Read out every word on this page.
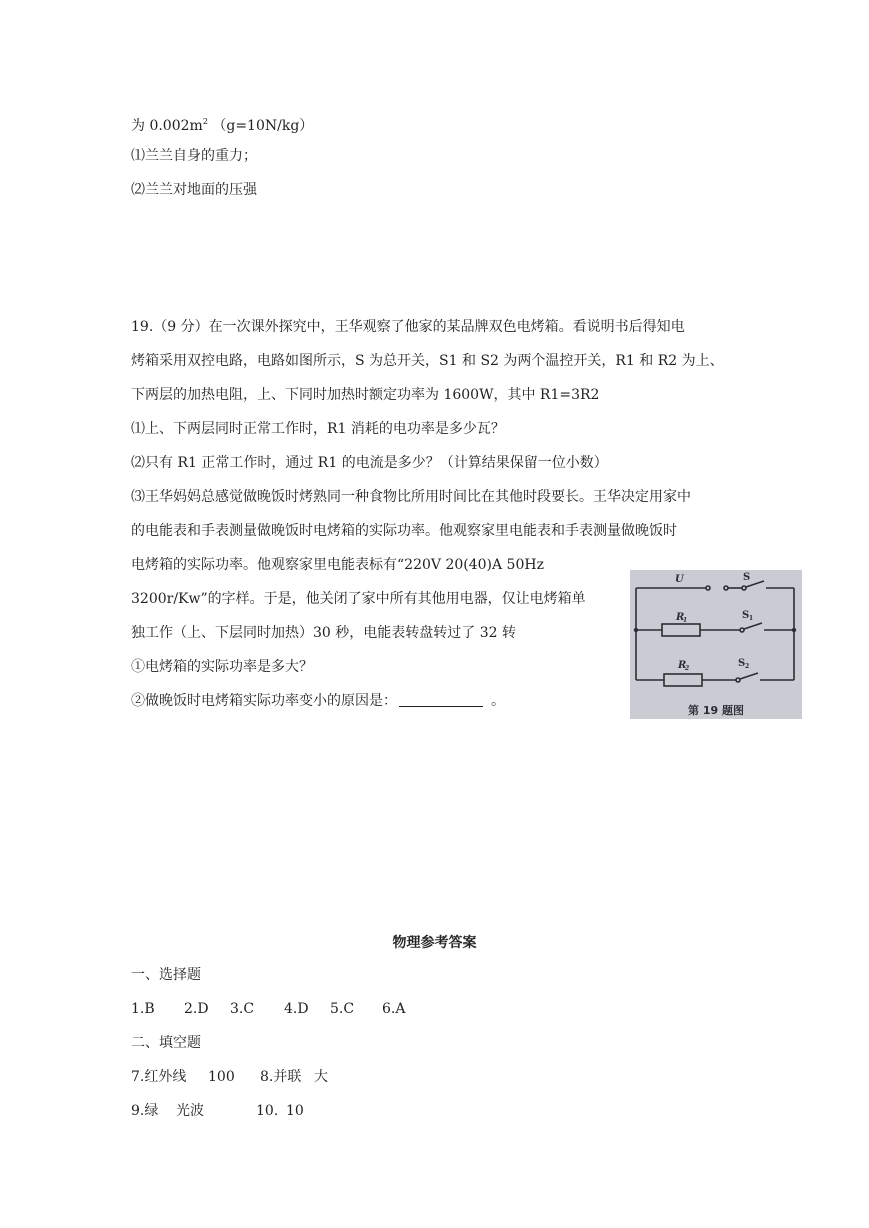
为 $0.002m^2$ （g=10N/kg）
⑴兰兰自身的重力；
⑵兰兰对地面的压强
19.（9 分）在一次课外探究中，王华观察了他家的某品牌双色电烤箱。看说明书后得知电
烤箱采用双控电路，电路如图所示，S 为总开关，S1 和 S2 为两个温控开关，R1 和 R2 为上、
下两层的加热电阻，上、下同时加热时额定功率为 1600W，其中 R1=3R2
⑴上、下两层同时正常工作时，R1 消耗的电功率是多少瓦？
⑵只有 R1 正常工作时，通过 R1 的电流是多少？（计算结果保留一位小数）
⑶王华妈妈总感觉做晚饭时烤熟同一种食物比所用时间比在其他时段要长。王华决定用家中
的电能表和手表测量做晚饭时电烤箱的实际功率。他观察家里电能表和手表测量做晚饭时
电烤箱的实际功率。他观察家里电能表标有“220V 20(40)A 50Hz
3200r/Kw”的字样。于是，他关闭了家中所有其他用电器，仅让电烤箱单
独工作（上、下层同时加热）30 秒，电能表转盘转过了 32 转
①电烤箱的实际功率是多大？
②做晚饭时电烤箱实际功率变小的原因是：	。
U	S
R
1	S 1
R
2	S 2
第 19 题图
物理参考答案
一、选择题
1.B 2.D 3.C 4.D 5.C 6.A
二、填空题
7.红外线 100 8.并联 大
9.绿 光波	10. 10
